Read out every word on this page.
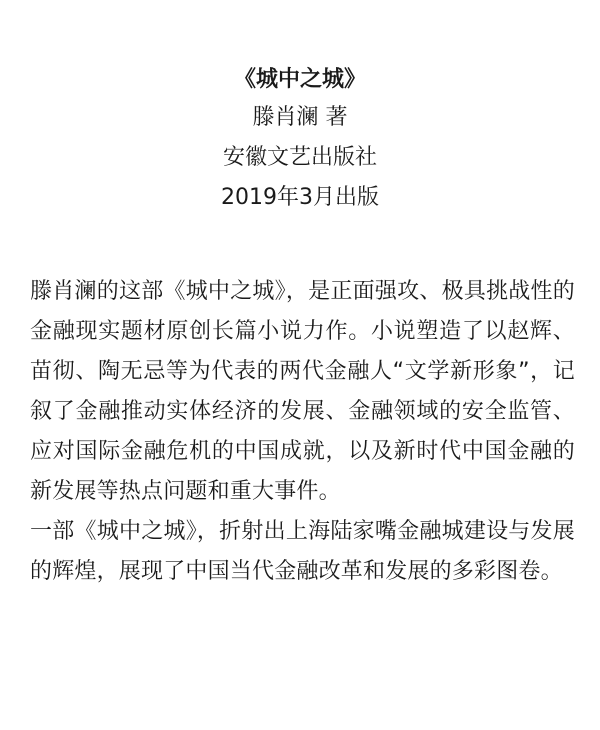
《城中之城》

滕肖澜 著

安徽文艺出版社

2019年3月出版

滕肖澜的这部《城中之城》，是正面强攻、极具挑战性的金融现实题材原创长篇小说力作。小说塑造了以赵辉、苗彻、陶无忌等为代表的两代金融人“文学新形象”，记叙了金融推动实体经济的发展、金融领域的安全监管、应对国际金融危机的中国成就，以及新时代中国金融的新发展等热点问题和重大事件。

一部《城中之城》，折射出上海陆家嘴金融城建设与发展的辉煌，展现了中国当代金融改革和发展的多彩图卷。
